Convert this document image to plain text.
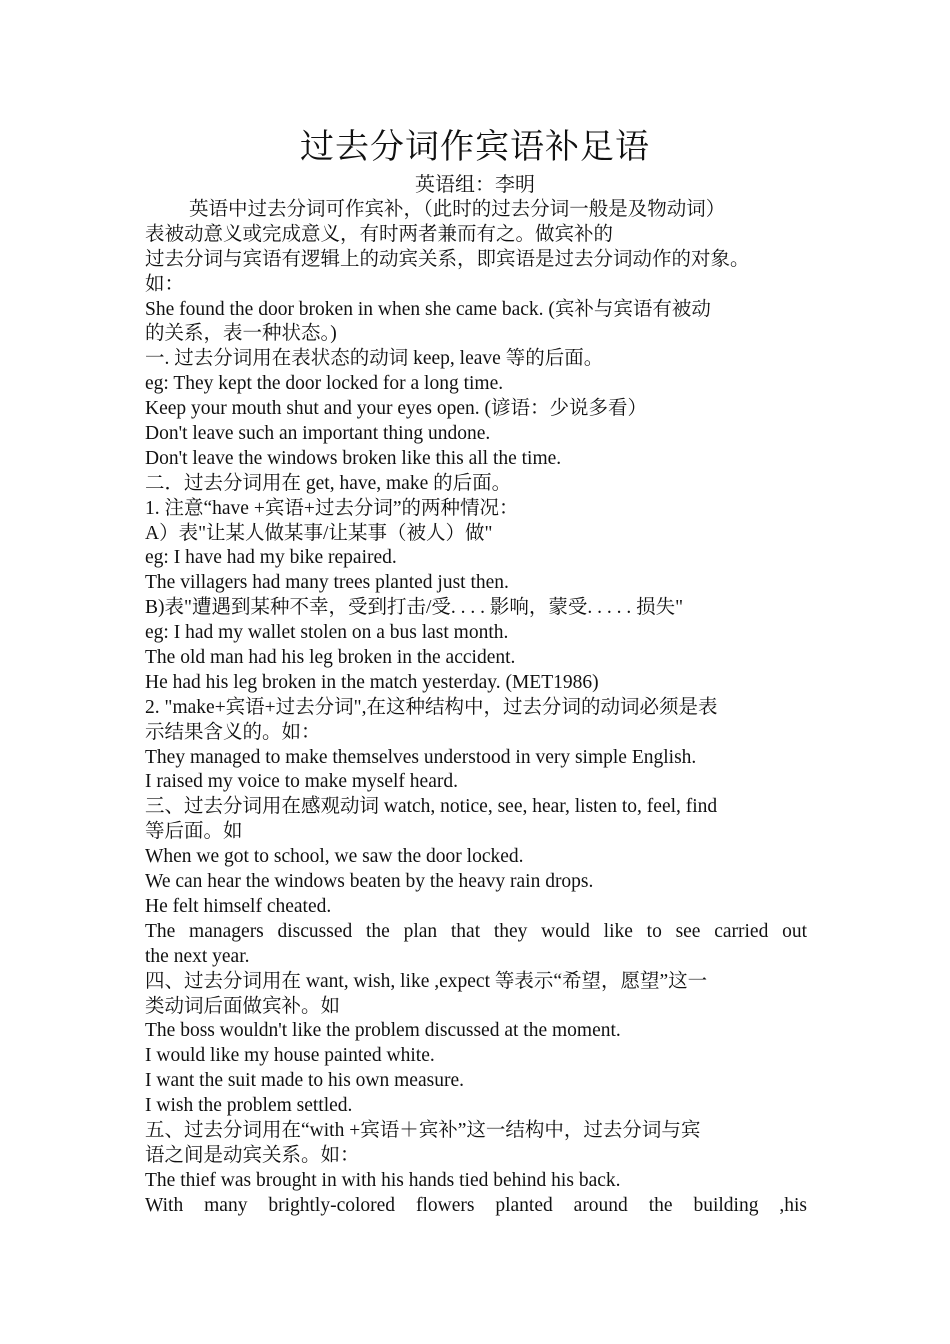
过去分词作宾语补足语
英语组：李明
英语中过去分词可作宾补，（此时的过去分词一般是及物动词）
表被动意义或完成意义，有时两者兼而有之。做宾补的
过去分词与宾语有逻辑上的动宾关系，即宾语是过去分词动作的对象。
如：
She found the door broken in when she came back. (宾补与宾语有被动
的关系，表一种状态。)
一. 过去分词用在表状态的动词 keep, leave 等的后面。
eg: They kept the door locked for a long time.
Keep your mouth shut and your eyes open. (谚语：少说多看）
Don't leave such an important thing undone.
Don't leave the windows broken like this all the time.
二．过去分词用在 get, have, make 的后面。
1. 注意“have +宾语+过去分词”的两种情况：
A）表"让某人做某事/让某事（被人）做"
eg: I have had my bike repaired.
The villagers had many trees planted just then.
B)表"遭遇到某种不幸，受到打击/受. . . . 影响，蒙受. . . . . 损失"
eg: I had my wallet stolen on a bus last month.
The old man had his leg broken in the accident.
He had his leg broken in the match yesterday. (MET1986)
2. "make+宾语+过去分词",在这种结构中，过去分词的动词必须是表
示结果含义的。如：
They managed to make themselves understood in very simple English.
I raised my voice to make myself heard.
三、过去分词用在感观动词 watch, notice, see, hear, listen to, feel, find
等后面。如
When we got to school, we saw the door locked.
We can hear the windows beaten by the heavy rain drops.
He felt himself cheated.
The managers discussed the plan that they would like to see carried out
the next year.
四、过去分词用在 want, wish, like ,expect 等表示“希望，愿望”这一
类动词后面做宾补。如
The boss wouldn't like the problem discussed at the moment.
I would like my house painted white.
I want the suit made to his own measure.
I wish the problem settled.
五、过去分词用在“with +宾语＋宾补”这一结构中，过去分词与宾
语之间是动宾关系。如：
The thief was brought in with his hands tied behind his back.
With many brightly-colored flowers planted around the building ,his
